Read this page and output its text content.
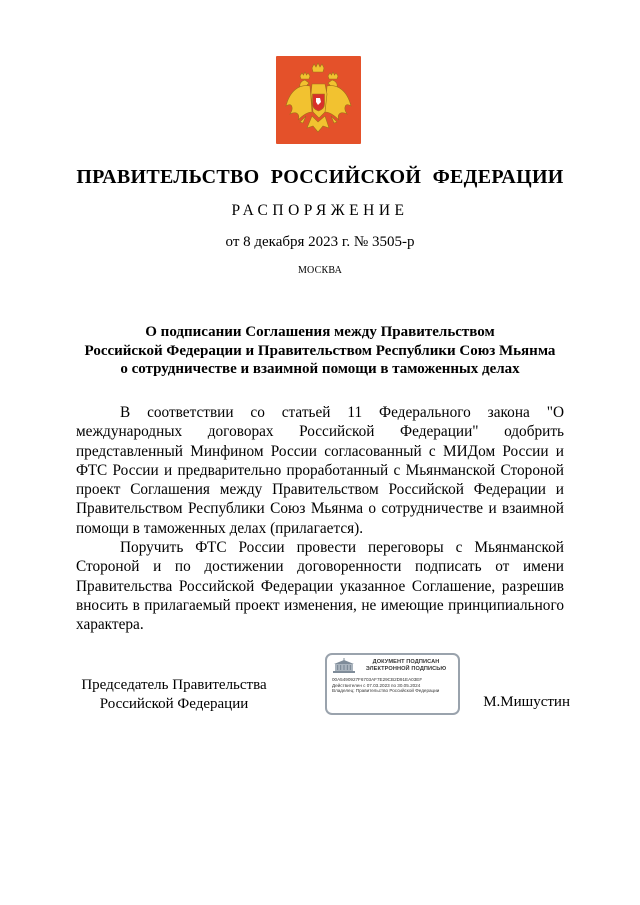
ПРАВИТЕЛЬСТВО РОССИЙСКОЙ ФЕДЕРАЦИИ
РАСПОРЯЖЕНИЕ
от 8 декабря 2023 г. № 3505-р
МОСКВА
О подписании Соглашения между Правительством
Российской Федерации и Правительством Республики Союз Мьянма
о сотрудничестве и взаимной помощи в таможенных делах

В соответствии со статьей 11 Федерального закона "О международных договорах Российской Федерации" одобрить представленный Минфином России согласованный с МИДом России и ФТС России и предварительно проработанный с Мьянманской Стороной проект Соглашения между Правительством Российской Федерации и Правительством Республики Союз Мьянма о сотрудничестве и взаимной помощи в таможенных делах (прилагается).

Поручить ФТС России провести переговоры с Мьянманской Стороной и по достижении договоренности подписать от имени Правительства Российской Федерации указанное Соглашение, разрешив вносить в прилагаемый проект изменения, не имеющие принципиального характера.

Председатель Правительства
Российской Федерации
ДОКУМЕНТ ПОДПИСАН
ЭЛЕКТРОННОЙ ПОДПИСЬЮ
00A5490927F6703AF7E29CB2D91EA03EF
Действителен с 07.03.2023 по 30.05.2024
Владелец: Правительство Российской Федерации
М.Мишустин
